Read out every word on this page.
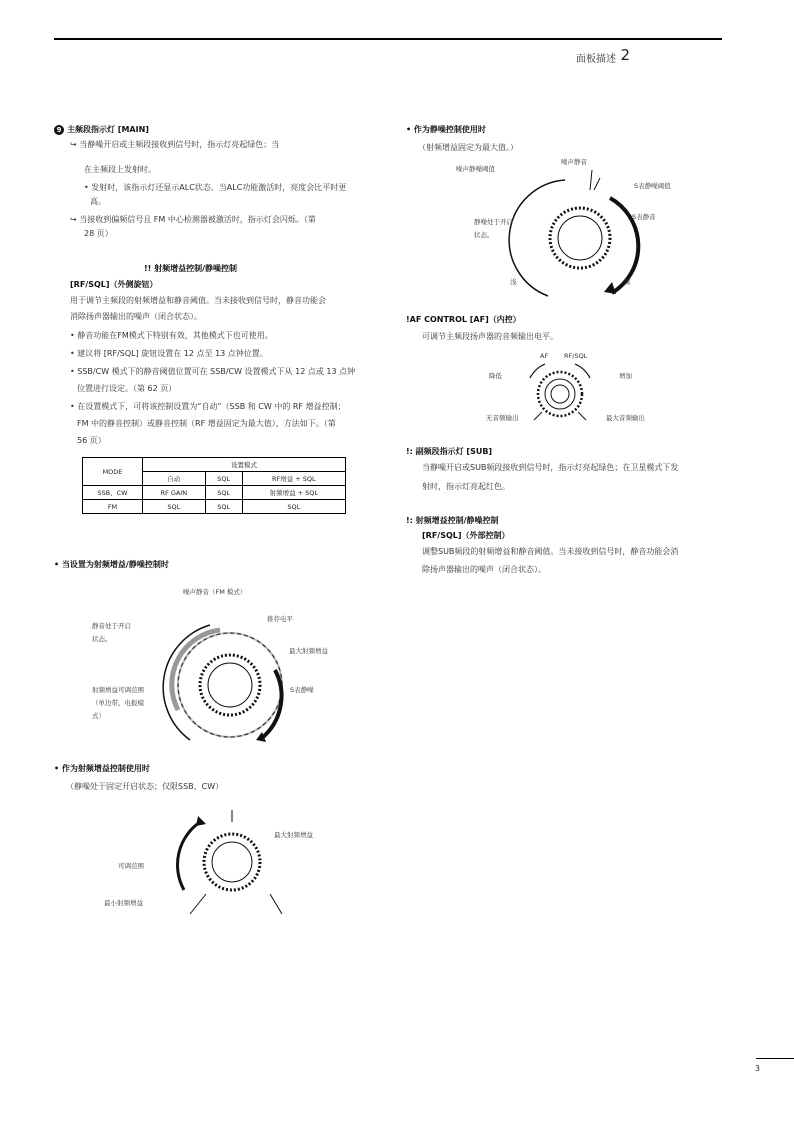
面板描述 2
9 主频段指示灯 [MAIN]
↪ 当静噪开启或主频段接收到信号时，指示灯亮起绿色；当
在主频段上发射时。
• 发射时，该指示灯还显示ALC状态。当ALC功能激活时，亮度会比平时更
高。
↪ 当接收到偏频信号且 FM 中心检测器被激活时，指示灯会闪烁。（第
28 页）
!! 射频增益控制/静噪控制
[RF/SQL]（外侧旋钮）
用于调节主频段的射频增益和静音阈值。当未接收到信号时，静音功能会
消除扬声器输出的噪声（闭合状态）。
• 静音功能在FM模式下特别有效，其他模式下也可使用。
• 建议将 [RF/SQL] 旋钮设置在 12 点至 13 点钟位置。
• SSB/CW 模式下的静音阈值位置可在 SSB/CW 设置模式下从 12 点或 13 点钟
位置进行设定。（第 62 页）
• 在设置模式下，可将该控制设置为“自动”（SSB 和 CW 中的 RF 增益控制；
FM 中的静音控制）或静音控制（RF 增益固定为最大值），方法如下。（第
56 页）
MODE	设置模式		
	自动	SQL	RF增益 + SQL
SSB、CW	RF GAIN	SQL	射频增益 + SQL
FM	SQL	SQL	SQL
• 当设置为射频增益/静噪控制时
噪声静音（FM 模式）
静音处于开启
状态。
推荐电平
最大射频增益
射频增益可调范围
（单边带、电报模
式）
S表静噪
• 作为射频增益控制使用时
（静噪处于固定开启状态；仅限SSB、CW）
最大射频增益
可调范围
最小射频增益
• 作为静噪控制使用时
（射频增益固定为最大值。）
噪声静音
噪声静噪阈值
S表静噪阈值
S表静音
静噪处于开启
状态。
浅	深
!AF CONTROL [AF]（内控）
可调节主频段扬声器的音频输出电平。
AF RF/SQL
降低	增加
无音频输出	最大音频输出
!: 副频段指示灯 [SUB]
当静噪开启或SUB频段接收到信号时，指示灯亮起绿色；在卫星模式下发
射时，指示灯亮起红色。
!: 射频增益控制/静噪控制
[RF/SQL]（外部控制）
调整SUB频段的射频增益和静音阈值。当未接收到信号时，静音功能会消
除扬声器输出的噪声（闭合状态）。
3
